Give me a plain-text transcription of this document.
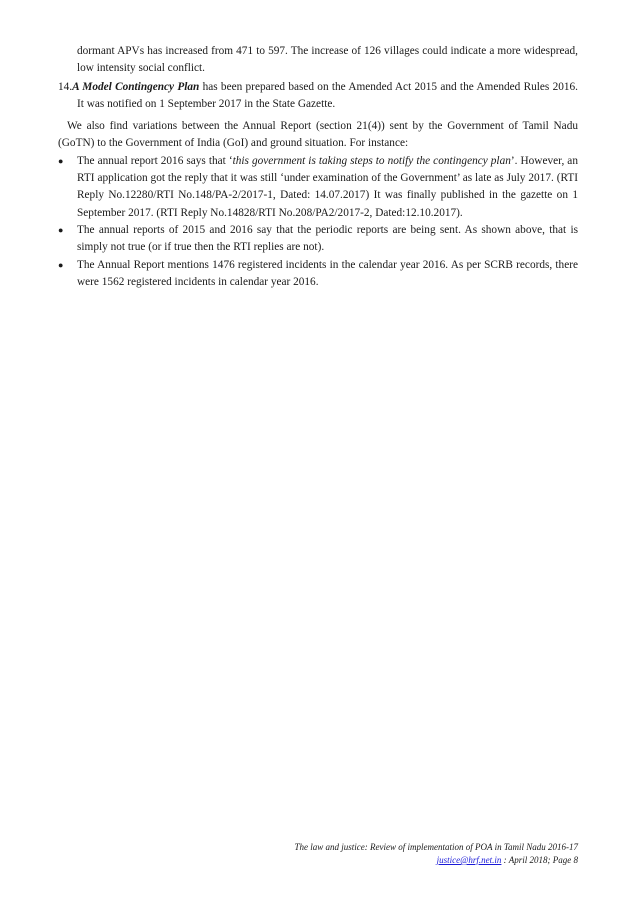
dormant APVs has increased from 471 to 597. The increase of 126 villages could indicate a more widespread, low intensity social conflict.

14.A Model Contingency Plan has been prepared based on the Amended Act 2015 and the Amended Rules 2016. It was notified on 1 September 2017 in the State Gazette.

We also find variations between the Annual Report (section 21(4)) sent by the Government of Tamil Nadu (GoTN) to the Government of India (GoI) and ground situation. For instance:

● The annual report 2016 says that ‘this government is taking steps to notify the contingency plan’. However, an RTI application got the reply that it was still ‘under examination of the Government’ as late as July 2017. (RTI Reply No.12280/RTI No.148/PA-2/2017-1, Dated: 14.07.2017) It was finally published in the gazette on 1 September 2017. (RTI Reply No.14828/RTI No.208/PA2/2017-2, Dated:12.10.2017).
● The annual reports of 2015 and 2016 say that the periodic reports are being sent. As shown above, that is simply not true (or if true then the RTI replies are not).
● The Annual Report mentions 1476 registered incidents in the calendar year 2016. As per SCRB records, there were 1562 registered incidents in calendar year 2016.
The law and justice: Review of implementation of POA in Tamil Nadu 2016-17
justice@hrf.net.in : April 2018; Page 8
